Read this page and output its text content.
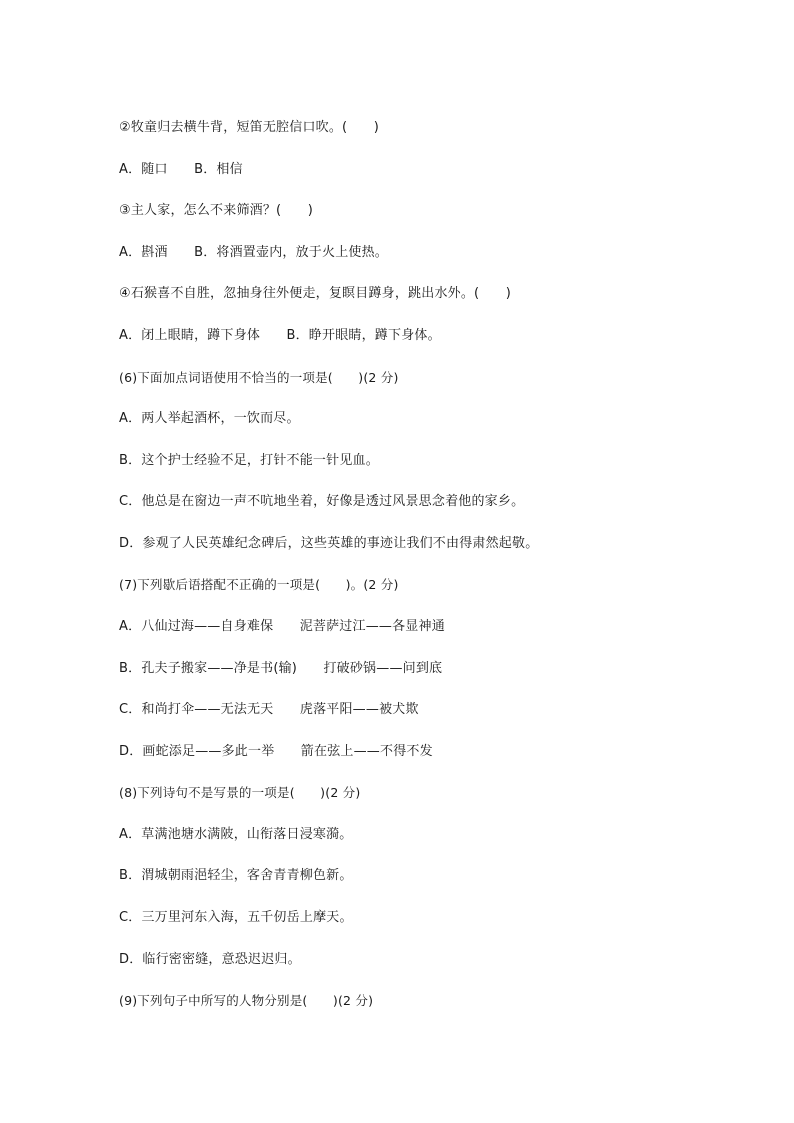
②牧童归去横牛背，短笛无腔信口吹。(　　)
A．随口　　B．相信
③主人家，怎么不来筛酒？(　　)
A．斟酒　　B．将酒置壶内，放于火上使热。
④石猴喜不自胜，忽抽身往外便走，复瞑目蹲身，跳出水外。(　　)
A．闭上眼睛，蹲下身体　　B．睁开眼睛，蹲下身体。
(6)下面加点词语使用不恰当的一项是(　　)(2 分)
A．两人举起酒杯，一饮而尽。
B．这个护士经验不足，打针不能一针见血。
C．他总是在窗边一声不吭地坐着，好像是透过风景思念着他的家乡。
D．参观了人民英雄纪念碑后，这些英雄的事迹让我们不由得肃然起敬。
(7)下列歇后语搭配不正确的一项是(　　)。(2 分)
A．八仙过海——自身难保　　泥菩萨过江——各显神通
B．孔夫子搬家——净是书(输)　　打破砂锅——问到底
C．和尚打伞——无法无天　　虎落平阳——被犬欺
D．画蛇添足——多此一举　　箭在弦上——不得不发
(8)下列诗句不是写景的一项是(　　)(2 分)
A．草满池塘水满陂，山衔落日浸寒漪。
B．渭城朝雨浥轻尘，客舍青青柳色新。
C．三万里河东入海，五千仞岳上摩天。
D．临行密密缝，意恐迟迟归。
(9)下列句子中所写的人物分别是(　　)(2 分)
